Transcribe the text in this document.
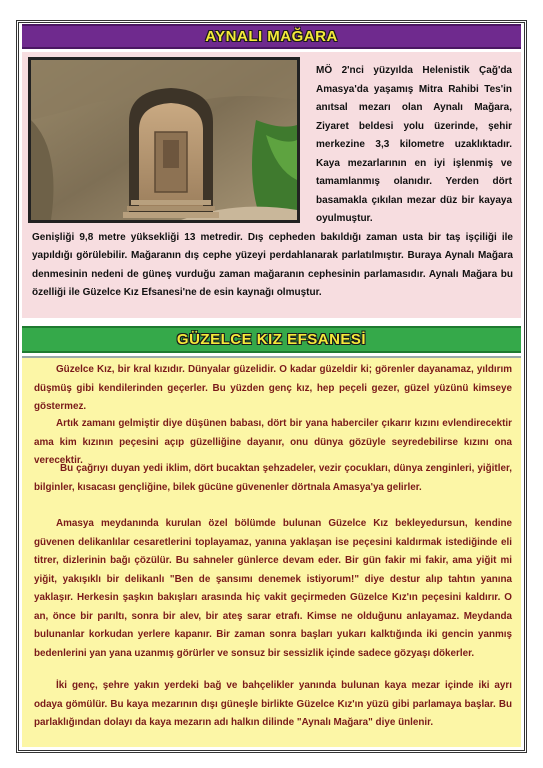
AYNALI MAĞARA

MÖ 2'nci yüzyılda Helenistik Çağ'da Amasya'da yaşamış Mitra Rahibi Tes'in anıtsal mezarı olan Aynalı Mağara, Ziyaret beldesi yolu üzerinde, şehir merkezine 3,3 kilometre uzaklıktadır. Kaya mezarlarının en iyi işlenmiş ve tamamlanmış olanıdır. Yerden dört basamakla çıkılan mezar düz bir kayaya oyulmuştur.

Genişliği 9,8 metre yüksekliği 13 metredir. Dış cepheden bakıldığı zaman usta bir taş işçiliği ile yapıldığı görülebilir. Mağaranın dış cephe yüzeyi perdahlanarak parlatılmıştır. Buraya Aynalı Mağara denmesinin nedeni de güneş vurduğu zaman mağaranın cephesinin parlamasıdır. Aynalı Mağara bu özelliği ile Güzelce Kız Efsanesi'ne de esin kaynağı olmuştur.

GÜZELCE KIZ EFSANESİ

Güzelce Kız, bir kral kızıdır. Dünyalar güzelidir. O kadar güzeldir ki; görenler dayanamaz, yıldırım düşmüş gibi kendilerinden geçerler. Bu yüzden genç kız, hep peçeli gezer, güzel yüzünü kimseye göstermez.

Artık zamanı gelmiştir diye düşünen babası, dört bir yana haberciler çıkarır kızını evlendirecektir ama kim kızının peçesini açıp güzelliğine dayanır, onu dünya gözüyle seyredebilirse kızını ona verecektir.

Bu çağrıyı duyan yedi iklim, dört bucaktan şehzadeler, vezir çocukları, dünya zenginleri, yiğitler, bilginler, kısacası gençliğine, bilek gücüne güvenenler dörtnala Amasya'ya gelirler.

Amasya meydanında kurulan özel bölümde bulunan Güzelce Kız bekleyedursun, kendine güvenen delikanlılar cesaretlerini toplayamaz, yanına yaklaşan ise peçesini kaldırmak istediğinde eli titrer, dizlerinin bağı çözülür. Bu sahneler günlerce devam eder. Bir gün fakir mi fakir, ama yiğit mi yiğit, yakışıklı bir delikanlı "Ben de şansımı denemek istiyorum!" diye destur alıp tahtın yanına yaklaşır. Herkesin şaşkın bakışları arasında hiç vakit geçirmeden Güzelce Kız'ın peçesini kaldırır. O an, önce bir parıltı, sonra bir alev, bir ateş sarar etrafı. Kimse ne olduğunu anlayamaz. Meydanda bulunanlar korkudan yerlere kapanır. Bir zaman sonra başları yukarı kalktığında iki gencin yanmış bedenlerini yan yana uzanmış görürler ve sonsuz bir sessizlik içinde sadece gözyaşı dökerler.

İki genç, şehre yakın yerdeki bağ ve bahçelikler yanında bulunan kaya mezar içinde iki ayrı odaya gömülür. Bu kaya mezarının dışı güneşle birlikte Güzelce Kız'ın yüzü gibi parlamaya başlar. Bu parlaklığından dolayı da kaya mezarın adı halkın dilinde "Aynalı Mağara" diye ünlenir.
